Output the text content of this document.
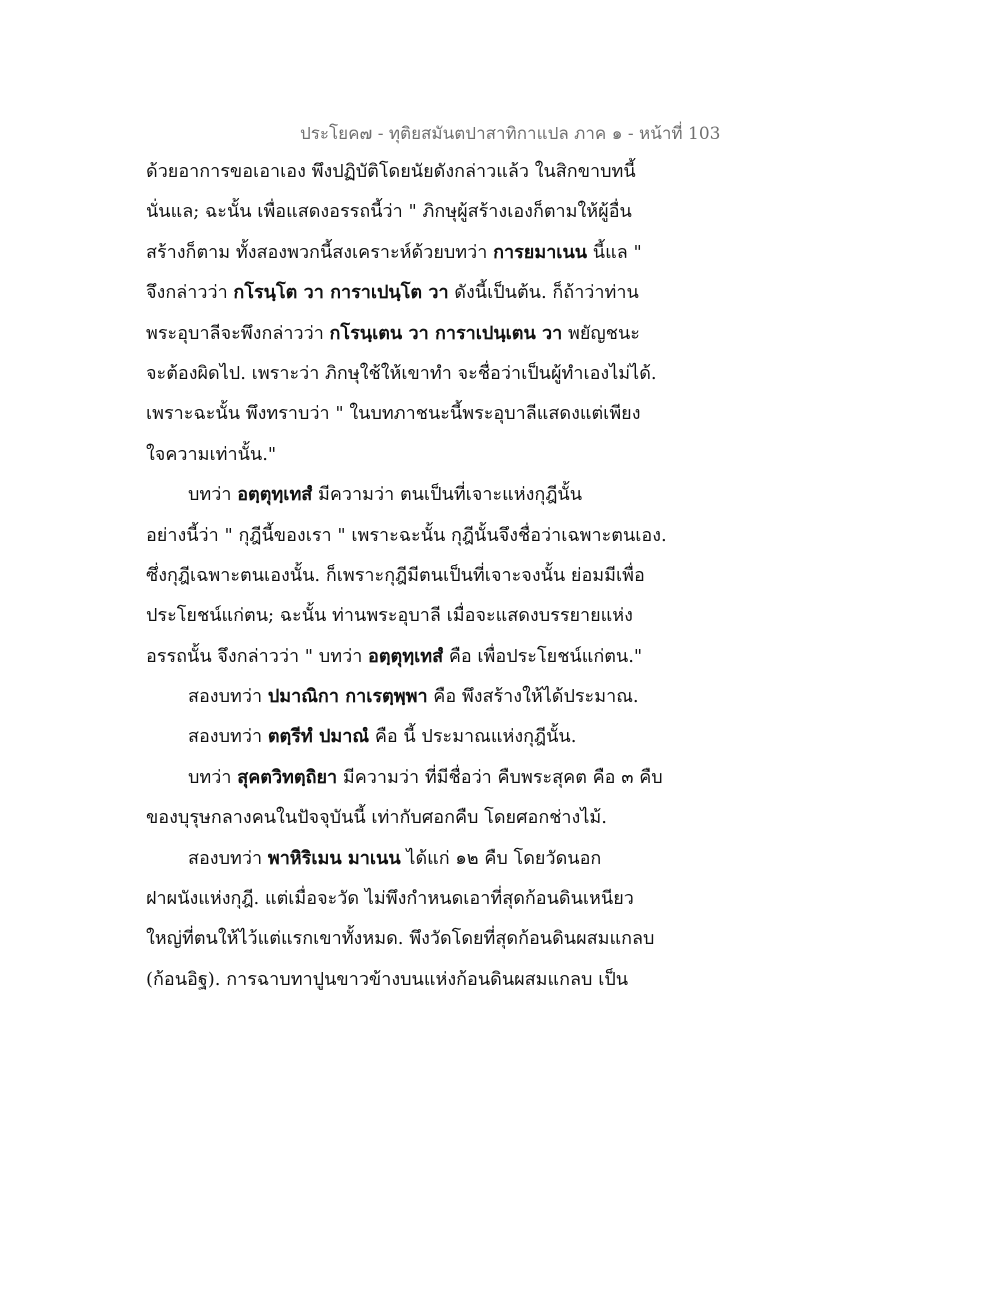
ประโยค๗ - ทุติยสมันตปาสาทิกาแปล ภาค ๑ - หน้าที่ 103
ด้วยอาการขอเอาเอง พึงปฏิบัติโดยนัยดังกล่าวแล้ว ในสิกขาบทนี้
นั่นแล; ฉะนั้น เพื่อแสดงอรรถนี้ว่า " ภิกษุผู้สร้างเองก็ตามให้ผู้อื่น
สร้างก็ตาม ทั้งสองพวกนี้สงเคราะห์ด้วยบทว่า การยมาเนน นี้แล "
จึงกล่าวว่า กโรนฺโต วา การาเปนฺโต วา ดังนี้เป็นต้น. ก็ถ้าว่าท่าน
พระอุบาลีจะพึงกล่าวว่า กโรนฺเตน วา การาเปนฺเตน วา พยัญชนะ
จะต้องผิดไป. เพราะว่า ภิกษุใช้ให้เขาทำ จะชื่อว่าเป็นผู้ทำเองไม่ได้.
เพราะฉะนั้น พึงทราบว่า " ในบทภาชนะนี้พระอุบาลีแสดงแต่เพียง
ใจความเท่านั้น."
บทว่า อตฺตุทฺเทสํ มีความว่า ตนเป็นที่เจาะแห่งกุฎีนั้น
อย่างนี้ว่า " กุฎีนี้ของเรา " เพราะฉะนั้น กุฎีนั้นจึงชื่อว่าเฉพาะตนเอง.
ซึ่งกุฎีเฉพาะตนเองนั้น. ก็เพราะกุฎีมีตนเป็นที่เจาะจงนั้น ย่อมมีเพื่อ
ประโยชน์แก่ตน; ฉะนั้น ท่านพระอุบาลี เมื่อจะแสดงบรรยายแห่ง
อรรถนั้น จึงกล่าวว่า " บทว่า อตฺตุทฺเทสํ คือ เพื่อประโยชน์แก่ตน."
สองบทว่า ปมาณิกา กาเรตฺพฺพา คือ พึงสร้างให้ได้ประมาณ.
สองบทว่า ตตฺรีทํ ปมาณํ คือ นี้ ประมาณแห่งกุฎีนั้น.
บทว่า สุคตวิทตฺถิยา มีความว่า ที่มีชื่อว่า คืบพระสุคต คือ ๓ คืบ
ของบุรุษกลางคนในปัจจุบันนี้ เท่ากับศอกคืบ โดยศอกช่างไม้.
สองบทว่า พาหิริเมน มาเนน ได้แก่ ๑๒ คืบ โดยวัดนอก
ฝาผนังแห่งกุฎี. แต่เมื่อจะวัด ไม่พึงกำหนดเอาที่สุดก้อนดินเหนียว
ใหญ่ที่ตนให้ไว้แต่แรกเขาทั้งหมด. พึงวัดโดยที่สุดก้อนดินผสมแกลบ
(ก้อนอิฐ). การฉาบทาปูนขาวข้างบนแห่งก้อนดินผสมแกลบ เป็น
